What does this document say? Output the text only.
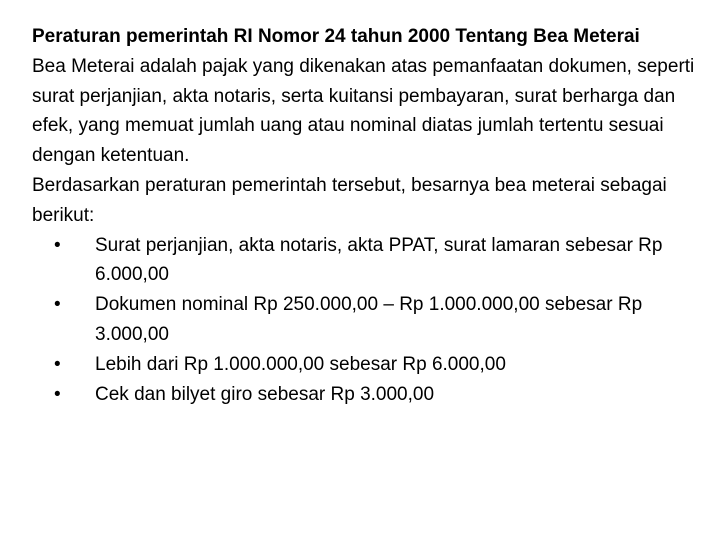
Peraturan pemerintah RI Nomor 24 tahun 2000 Tentang Bea Meterai

Bea Meterai adalah pajak yang dikenakan atas pemanfaatan dokumen, seperti surat perjanjian, akta notaris, serta kuitansi pembayaran, surat berharga dan efek, yang memuat jumlah uang atau nominal diatas jumlah tertentu sesuai dengan ketentuan.

Berdasarkan peraturan pemerintah tersebut, besarnya bea meterai sebagai berikut:

• Surat perjanjian, akta notaris, akta PPAT, surat lamaran sebesar Rp 6.000,00
• Dokumen nominal Rp 250.000,00 – Rp 1.000.000,00 sebesar Rp 3.000,00
• Lebih dari Rp 1.000.000,00 sebesar Rp 6.000,00
• Cek dan bilyet giro sebesar Rp 3.000,00
